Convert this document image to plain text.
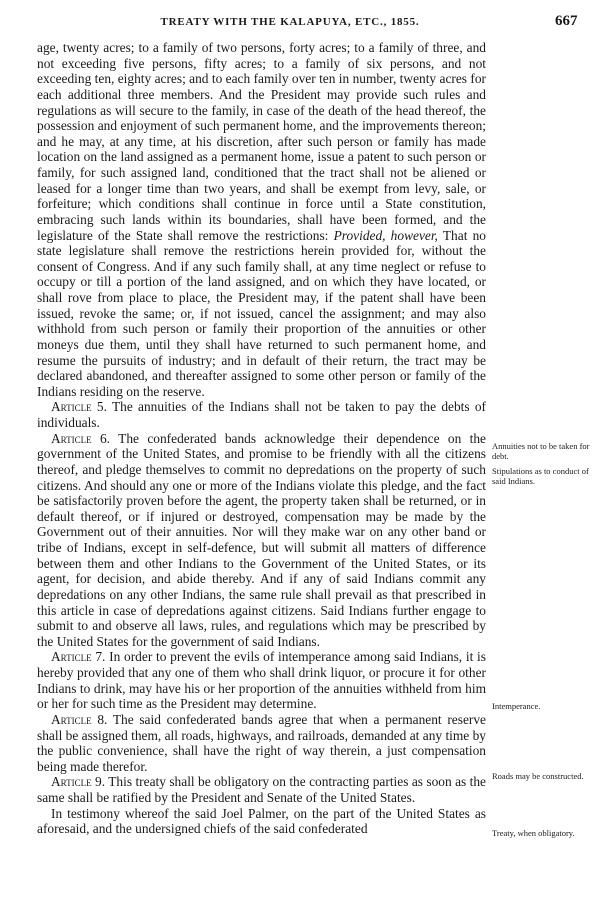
TREATY WITH THE KALAPUYA, ETC., 1855.	667

age, twenty acres; to a family of two persons, forty acres; to a family of three, and not exceeding five persons, fifty acres; to a family of six persons, and not exceeding ten, eighty acres; and to each family over ten in number, twenty acres for each additional three members. And the President may provide such rules and regulations as will secure to the family, in case of the death of the head thereof, the possession and enjoyment of such permanent home, and the improvements thereon; and he may, at any time, at his discretion, after such person or family has made location on the land assigned as a permanent home, issue a patent to such person or family, for such assigned land, conditioned that the tract shall not be aliened or leased for a longer time than two years, and shall be exempt from levy, sale, or forfeiture; which conditions shall continue in force until a State constitution, embracing such lands within its boundaries, shall have been formed, and the legislature of the State shall remove the restrictions: Provided, however, That no state legislature shall remove the restrictions herein provided for, without the consent of Congress. And if any such family shall, at any time neglect or refuse to occupy or till a portion of the land assigned, and on which they have located, or shall rove from place to place, the President may, if the patent shall have been issued, revoke the same; or, if not issued, cancel the assignment; and may also withhold from such person or family their proportion of the annuities or other moneys due them, until they shall have returned to such permanent home, and resume the pursuits of industry; and in default of their return, the tract may be declared abandoned, and thereafter assigned to some other person or family of the Indians residing on the reserve.

Article 5. The annuities of the Indians shall not be taken to pay the debts of individuals.

Article 6. The confederated bands acknowledge their dependence on the government of the United States, and promise to be friendly with all the citizens thereof, and pledge themselves to commit no depredations on the property of such citizens. And should any one or more of the Indians violate this pledge, and the fact be satisfactorily proven before the agent, the property taken shall be returned, or in default thereof, or if injured or destroyed, compensation may be made by the Government out of their annuities. Nor will they make war on any other band or tribe of Indians, except in self-defence, but will submit all matters of difference between them and other Indians to the Government of the United States, or its agent, for decision, and abide thereby. And if any of said Indians commit any depredations on any other Indians, the same rule shall prevail as that prescribed in this article in case of depredations against citizens. Said Indians further engage to submit to and observe all laws, rules, and regulations which may be prescribed by the United States for the government of said Indians.

Article 7. In order to prevent the evils of intemperance among said Indians, it is hereby provided that any one of them who shall drink liquor, or procure it for other Indians to drink, may have his or her proportion of the annuities withheld from him or her for such time as the President may determine.

Article 8. The said confederated bands agree that when a permanent reserve shall be assigned them, all roads, highways, and railroads, demanded at any time by the public convenience, shall have the right of way therein, a just compensation being made therefor.

Article 9. This treaty shall be obligatory on the contracting parties as soon as the same shall be ratified by the President and Senate of the United States.

In testimony whereof the said Joel Palmer, on the part of the United States as aforesaid, and the undersigned chiefs of the said confederated

Annuities not to be taken for debt.
Stipulations as to conduct of said Indians.
Intemperance.
Roads may be constructed.
Treaty, when obligatory.
